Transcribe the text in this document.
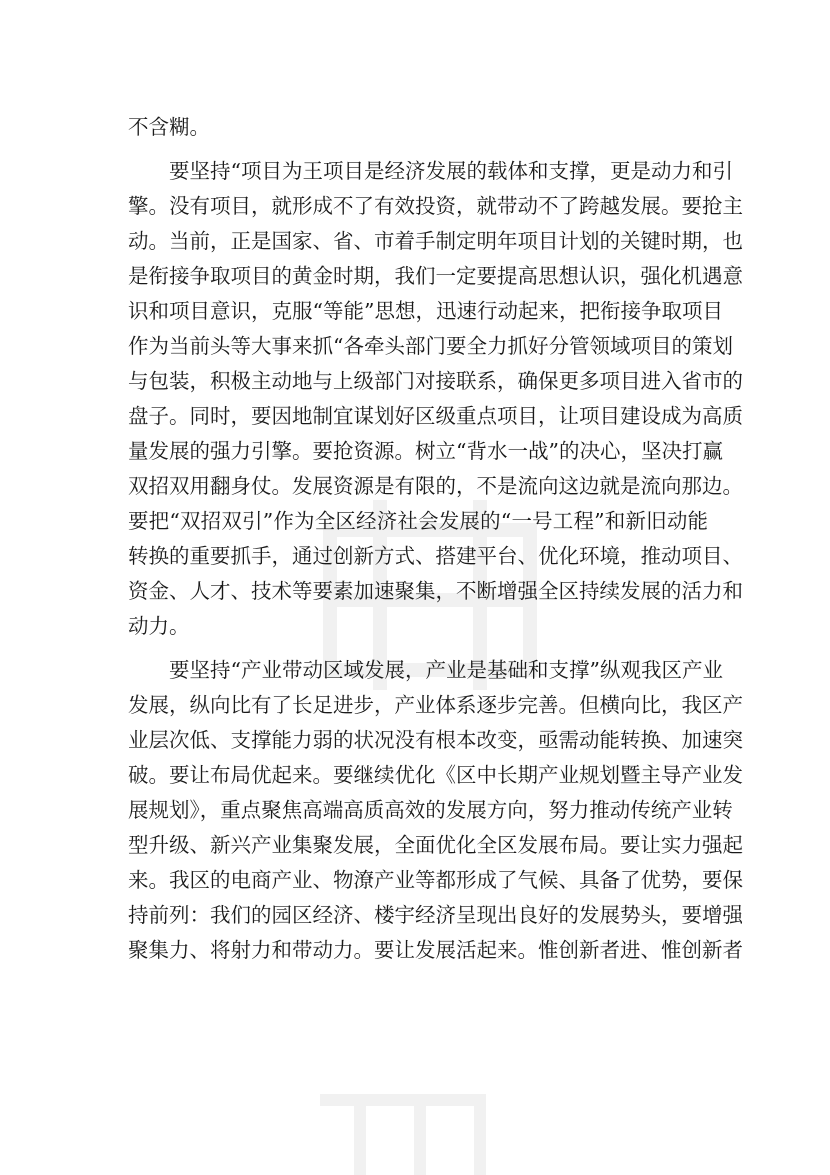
不含糊。
要坚持“项目为王项目是经济发展的载体和支撑，更是动力和引
擎。没有项目，就形成不了有效投资，就带动不了跨越发展。要抢主
动。当前，正是国家、省、市着手制定明年项目计划的关键时期，也
是衔接争取项目的黄金时期，我们一定要提高思想认识，强化机遇意
识和项目意识，克服“等能”思想，迅速行动起来，把衔接争取项目
作为当前头等大事来抓“各牵头部门要全力抓好分管领域项目的策划
与包装，积极主动地与上级部门对接联系，确保更多项目进入省市的
盘子。同时，要因地制宜谋划好区级重点项目，让项目建设成为高质
量发展的强力引擎。要抢资源。树立“背水一战”的决心，坚决打赢
双招双用翻身仗。发展资源是有限的，不是流向这边就是流向那边。
要把“双招双引”作为全区经济社会发展的“一号工程”和新旧动能
转换的重要抓手，通过创新方式、搭建平台、优化环境，推动项目、
资金、人才、技术等要素加速聚集，不断增强全区持续发展的活力和
动力。
要坚持“产业带动区域发展，产业是基础和支撑”纵观我区产业
发展，纵向比有了长足进步，产业体系逐步完善。但横向比，我区产
业层次低、支撑能力弱的状况没有根本改变，亟需动能转换、加速突
破。要让布局优起来。要继续优化《区中长期产业规划暨主导产业发
展规划》，重点聚焦高端高质高效的发展方向，努力推动传统产业转
型升级、新兴产业集聚发展，全面优化全区发展布局。要让实力强起
来。我区的电商产业、物潦产业等都形成了气候、具备了优势，要保
持前列：我们的园区经济、楼宇经济呈现出良好的发展势头，要增强
聚集力、将射力和带动力。要让发展活起来。惟创新者进、惟创新者
